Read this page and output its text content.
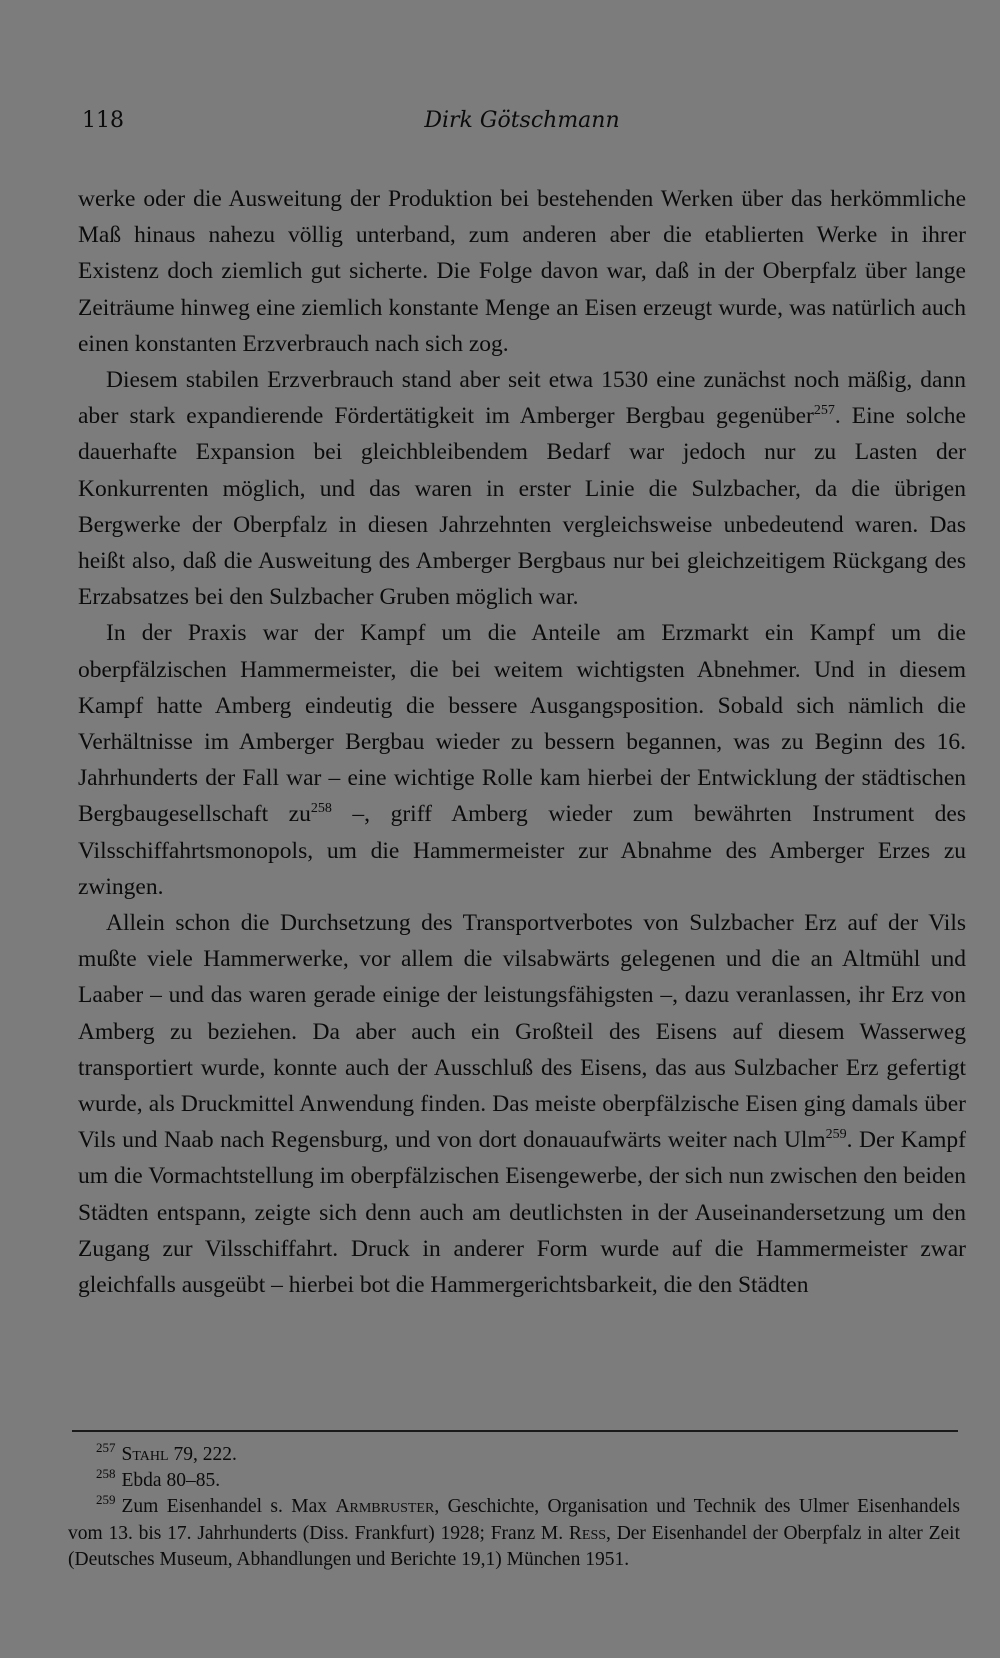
118	Dirk Götschmann

werke oder die Ausweitung der Produktion bei bestehenden Werken über das herkömmliche Maß hinaus nahezu völlig unterband, zum anderen aber die etablierten Werke in ihrer Existenz doch ziemlich gut sicherte. Die Folge davon war, daß in der Oberpfalz über lange Zeiträume hinweg eine ziemlich konstante Menge an Eisen erzeugt wurde, was natürlich auch einen konstanten Erzverbrauch nach sich zog.

Diesem stabilen Erzverbrauch stand aber seit etwa 1530 eine zunächst noch mäßig, dann aber stark expandierende Fördertätigkeit im Amberger Bergbau gegenüber$^{257}$. Eine solche dauerhafte Expansion bei gleichbleibendem Bedarf war jedoch nur zu Lasten der Konkurrenten möglich, und das waren in erster Linie die Sulzbacher, da die übrigen Bergwerke der Oberpfalz in diesen Jahrzehnten vergleichsweise unbedeutend waren. Das heißt also, daß die Ausweitung des Amberger Bergbaus nur bei gleichzeitigem Rückgang des Erzabsatzes bei den Sulzbacher Gruben möglich war.

In der Praxis war der Kampf um die Anteile am Erzmarkt ein Kampf um die oberpfälzischen Hammermeister, die bei weitem wichtigsten Abnehmer. Und in diesem Kampf hatte Amberg eindeutig die bessere Ausgangsposition. Sobald sich nämlich die Verhältnisse im Amberger Bergbau wieder zu bessern begannen, was zu Beginn des 16. Jahrhunderts der Fall war – eine wichtige Rolle kam hierbei der Entwicklung der städtischen Bergbaugesellschaft $zu^{258}$ –, griff Amberg wieder zum bewährten Instrument des Vilsschiffahrtsmonopols, um die Hammermeister zur Abnahme des Amberger Erzes zu zwingen.

Allein schon die Durchsetzung des Transportverbotes von Sulzbacher Erz auf der Vils mußte viele Hammerwerke, vor allem die vilsabwärts gelegenen und die an Altmühl und Laaber – und das waren gerade einige der leistungsfähigsten –, dazu veranlassen, ihr Erz von Amberg zu beziehen. Da aber auch ein Großteil des Eisens auf diesem Wasserweg transportiert wurde, konnte auch der Ausschluß des Eisens, das aus Sulzbacher Erz gefertigt wurde, als Druckmittel Anwendung finden. Das meiste oberpfälzische Eisen ging damals über Vils und Naab nach Regensburg, und von dort donauaufwärts weiter nach Ulm$^{259}$. Der Kampf um die Vormachtstellung im oberpfälzischen Eisengewerbe, der sich nun zwischen den beiden Städten entspann, zeigte sich denn auch am deutlichsten in der Auseinandersetzung um den Zugang zur Vilsschiffahrt. Druck in anderer Form wurde auf die Hammermeister zwar gleichfalls ausgeübt – hierbei bot die Hammergerichtsbarkeit, die den Städten

$^{257}$ Stahl 79, 222.

$^{258}$ Ebda 80–85.

$^{259}$ Zum Eisenhandel s. Max Armbruster, Geschichte, Organisation und Technik des Ulmer Eisenhandels vom 13. bis 17. Jahrhunderts (Diss. Frankfurt) 1928; Franz M. Ress, Der Eisenhandel der Oberpfalz in alter Zeit (Deutsches Museum, Abhandlungen und Berichte 19,1) München 1951.
